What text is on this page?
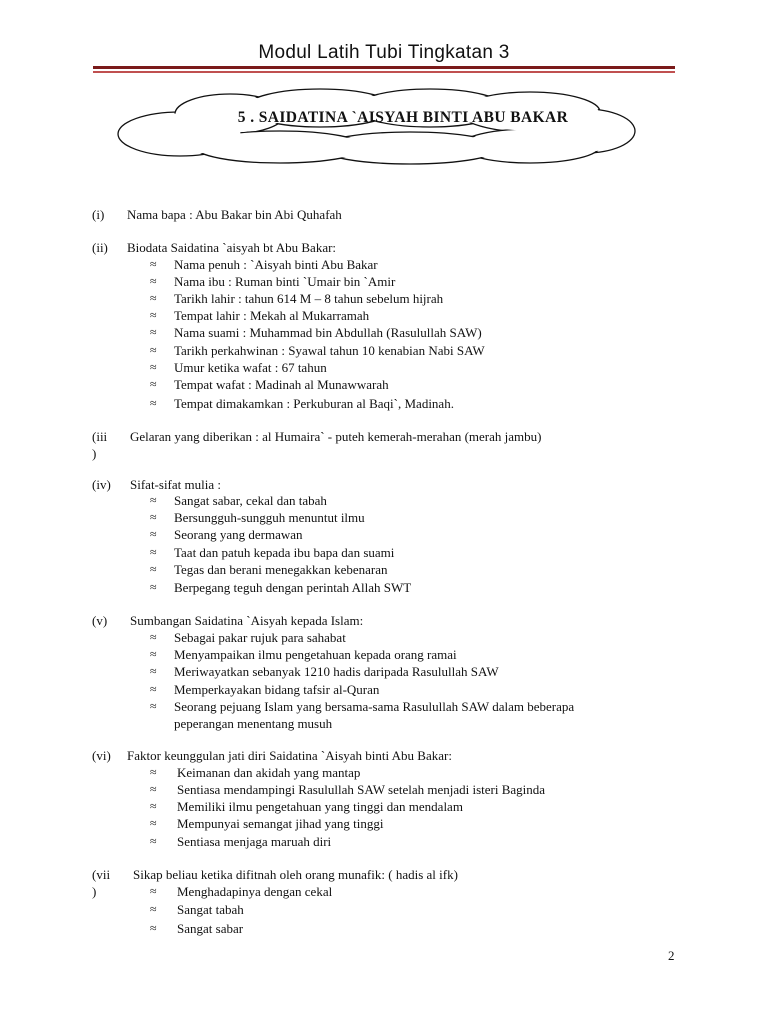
Modul Latih Tubi Tingkatan 3
5 . SAIDATINA `AISYAH BINTI ABU BAKAR
(i) Nama bapa : Abu Bakar bin Abi Quhafah
(ii) Biodata Saidatina `aisyah bt Abu Bakar:
≈ Nama penuh : `Aisyah binti Abu Bakar
≈ Nama ibu : Ruman binti `Umair bin `Amir
≈ Tarikh lahir : tahun 614 M – 8 tahun sebelum hijrah
≈ Tempat lahir : Mekah al Mukarramah
≈ Nama suami : Muhammad bin Abdullah (Rasulullah SAW)
≈ Tarikh perkahwinan : Syawal tahun 10 kenabian Nabi SAW
≈ Umur ketika wafat : 67 tahun
≈ Tempat wafat : Madinah al Munawwarah
≈ Tempat dimakamkan : Perkuburan al Baqi`, Madinah.
(iii
)
Gelaran yang diberikan : al Humaira` - puteh kemerah-merahan (merah jambu)
(iv) Sifat-sifat mulia :
≈ Sangat sabar, cekal dan tabah
≈ Bersungguh-sungguh menuntut ilmu
≈ Seorang yang dermawan
≈ Taat dan patuh kepada ibu bapa dan suami
≈ Tegas dan berani menegakkan kebenaran
≈ Berpegang teguh dengan perintah Allah SWT
(v) Sumbangan Saidatina `Aisyah kepada Islam:
≈ Sebagai pakar rujuk para sahabat
≈ Menyampaikan ilmu pengetahuan kepada orang ramai
≈ Meriwayatkan sebanyak 1210 hadis daripada Rasulullah SAW
≈ Memperkayakan bidang tafsir al-Quran
≈ Seorang pejuang Islam yang bersama-sama Rasulullah SAW dalam beberapa
peperangan menentang musuh
(vi) Faktor keunggulan jati diri Saidatina `Aisyah binti Abu Bakar:
≈ Keimanan dan akidah yang mantap
≈ Sentiasa mendampingi Rasulullah SAW setelah menjadi isteri Baginda
≈ Memiliki ilmu pengetahuan yang tinggi dan mendalam
≈ Mempunyai semangat jihad yang tinggi
≈ Sentiasa menjaga maruah diri
(vii
)
Sikap beliau ketika difitnah oleh orang munafik: ( hadis al ifk)
≈ Menghadapinya dengan cekal
≈ Sangat tabah
≈ Sangat sabar
2
